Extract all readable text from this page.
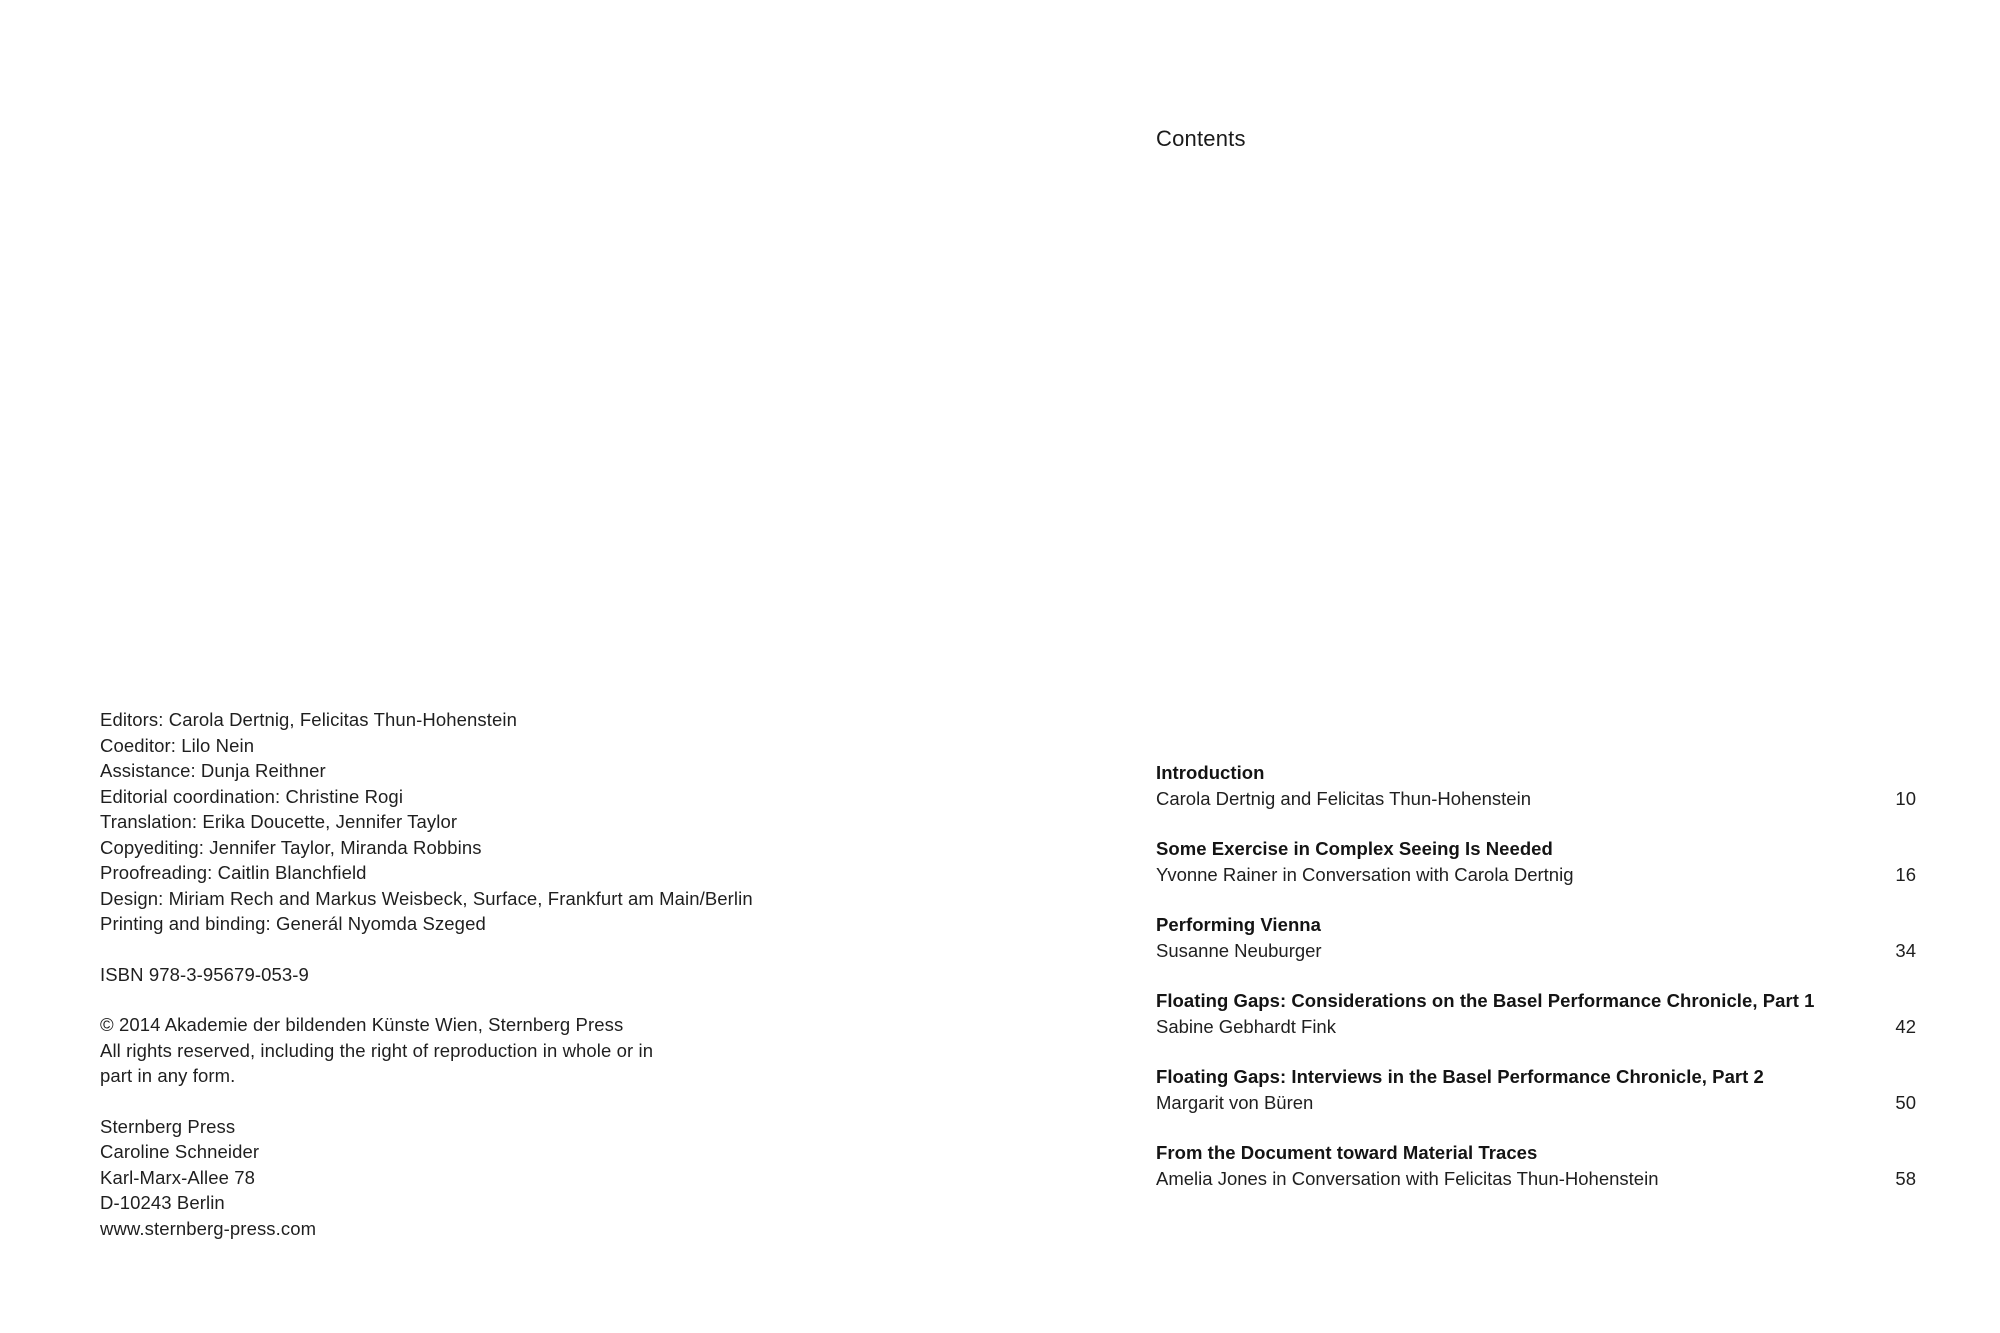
Editors: Carola Dertnig, Felicitas Thun-Hohenstein
Coeditor: Lilo Nein
Assistance: Dunja Reithner
Editorial coordination: Christine Rogi
Translation: Erika Doucette, Jennifer Taylor
Copyediting: Jennifer Taylor, Miranda Robbins
Proofreading: Caitlin Blanchfield
Design: Miriam Rech and Markus Weisbeck, Surface, Frankfurt am Main/Berlin
Printing and binding: Generál Nyomda Szeged
ISBN 978-3-95679-053-9
© 2014 Akademie der bildenden Künste Wien, Sternberg Press
All rights reserved, including the right of reproduction in whole or in
part in any form.
Sternberg Press
Caroline Schneider
Karl-Marx-Allee 78
D-10243 Berlin
www.sternberg-press.com
Contents
Introduction
Carola Dertnig and Felicitas Thun-Hohenstein	10
Some Exercise in Complex Seeing Is Needed
Yvonne Rainer in Conversation with Carola Dertnig	16
Performing Vienna
Susanne Neuburger	34
Floating Gaps: Considerations on the Basel Performance Chronicle, Part 1
Sabine Gebhardt Fink	42
Floating Gaps: Interviews in the Basel Performance Chronicle, Part 2
Margarit von Büren	50
From the Document toward Material Traces
Amelia Jones in Conversation with Felicitas Thun-Hohenstein	58
